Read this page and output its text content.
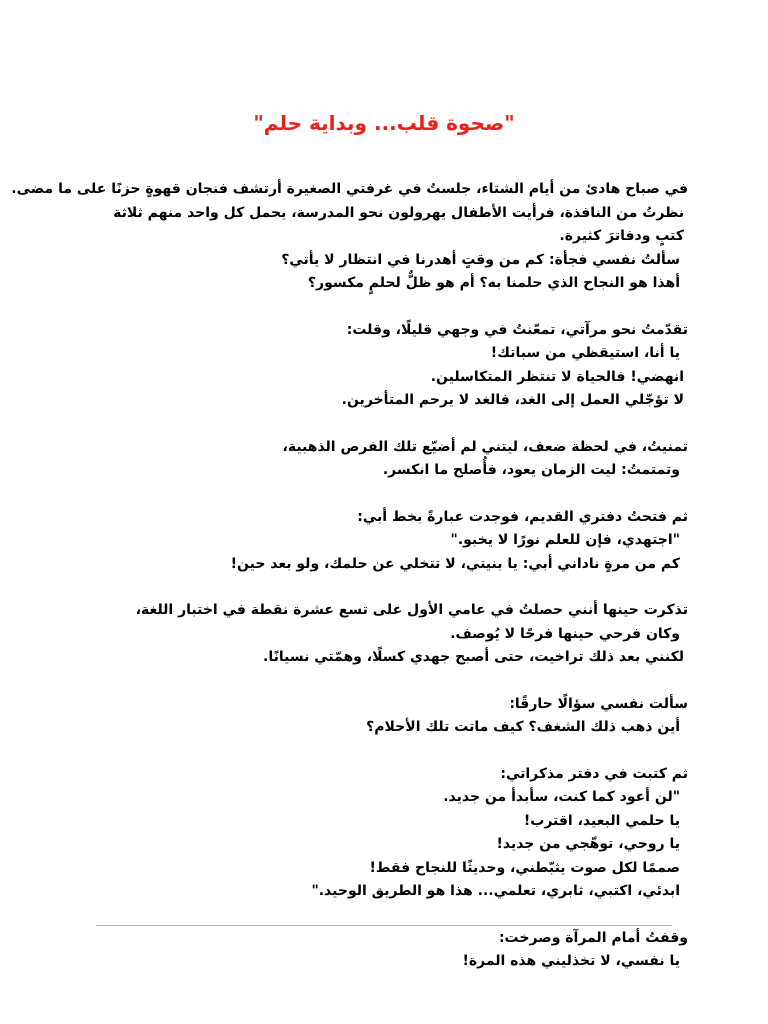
"صحوة قلب... وبداية حلم"
في صباح هادئ من أيام الشتاء، جلستُ في غرفتي الصغيرة أرتشف فنجان قهوةٍ حزنًا على ما مضى.
نظرتُ من النافذة، فرأيت الأطفال يهرولون نحو المدرسة، يحمل كل واحد منهم ثلاثة كتبٍ ودفاترَ كثيرة.
سألتُ نفسي فجأة: كم من وقتٍ أهدرنا في انتظار لا يأتي؟
أهذا هو النجاح الذي حلمنا به؟ أم هو ظلٌّ لحلمٍ مكسور؟
تقدّمتُ نحو مرآتي، تمعّنتُ في وجهي قليلًا، وقلت:
يا أنا، استيقظي من سباتك!
انهضي! فالحياة لا تنتظر المتكاسلين.
لا تؤجّلي العمل إلى الغد، فالغد لا يرحم المتأخرين.
تمنيتُ، في لحظة ضعف، ليتني لم أضيّع تلك الفرص الذهبية،
وتمتمتُ: ليت الزمان يعود، فأُصلح ما انكسر.
ثم فتحتُ دفتري القديم، فوجدت عبارةً بخط أبي:
"اجتهدي، فإن للعلم نورًا لا يخبو."
كم من مرةٍ ناداني أبي: يا بنيتي، لا تتخلي عن حلمك، ولو بعد حين!
تذكرت حينها أنني حصلتُ في عامي الأول على تسع عشرة نقطة في اختبار اللغة،
وكان فرحي حينها فرحًا لا يُوصف.
لكنني بعد ذلك تراخيت، حتى أصبح جهدي كسلًا، وهمّتي نسيانًا.
سألت نفسي سؤالًا حارقًا:
أين ذهب ذلك الشغف؟ كيف ماتت تلك الأحلام؟
ثم كتبت في دفتر مذكراتي:
"لن أعود كما كنت، سأبدأ من جديد.
يا حلمي البعيد، اقترب!
يا روحي، توهّجي من جديد!
صممًا لكل صوت يثبّطني، وحديثًا للنجاح فقط!
ابدئي، اكتبي، ثابري، تعلمي... هذا هو الطريق الوحيد."
وقفتُ أمام المرآة وصرخت:
يا نفسي، لا تخذليني هذه المرة!
